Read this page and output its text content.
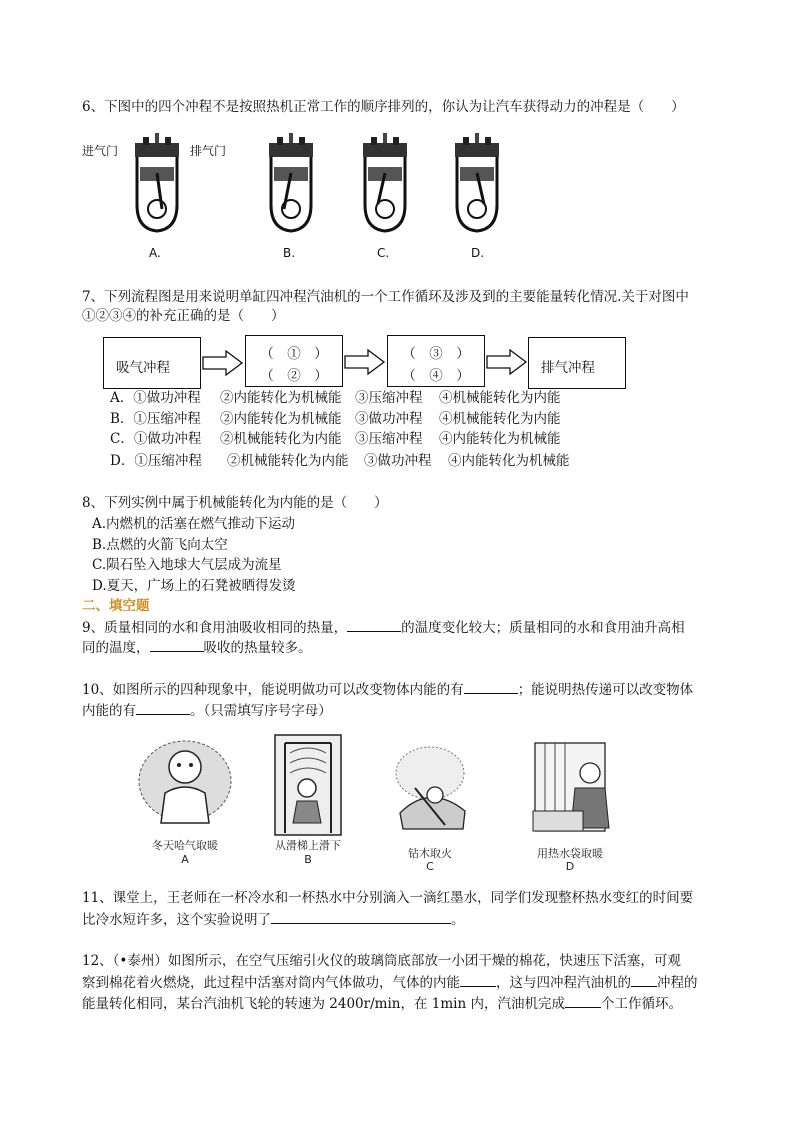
6、下图中的四个冲程不是按照热机正常工作的顺序排列的，你认为让汽车获得动力的冲程是（　　）
进气门	排气门
A.	B.	C.	D.
7、下列流程图是用来说明单缸四冲程汽油机的一个工作循环及涉及到的主要能量转化情况.关于对图中
①②③④的补充正确的是（　　）
吸气冲程
（　①　）
（　②　）
（　③　）
（　④　）	排气冲程
A．①做功冲程 ②内能转化为机械能 ③压缩冲程 ④机械能转化为内能
B．①压缩冲程 ②内能转化为机械能 ③做功冲程 ④机械能转化为内能
C．①做功冲程 ②机械能转化为内能 ③压缩冲程 ④内能转化为机械能
D．①压缩冲程 ②机械能转化为内能 ③做功冲程 ④内能转化为机械能
8、下列实例中属于机械能转化为内能的是（　　）
A.内燃机的活塞在燃气推动下运动
B.点燃的火箭飞向太空
C.陨石坠入地球大气层成为流星
D.夏天，广场上的石凳被晒得发烫
二、填空题
9、质量相同的水和食用油吸收相同的热量，	的温度变化较大；质量相同的水和食用油升高相
同的温度，	吸收的热量较多。
10、如图所示的四种现象中，能说明做功可以改变物体内能的有	；能说明热传递可以改变物体
内能的有	。（只需填写序号字母）
冬天哈气取暖
A
从滑梯上滑下
B	钻木取火
C
用热水袋取暖
D
11、课堂上，王老师在一杯冷水和一杯热水中分别滴入一滴红墨水，同学们发现整杯热水变红的时间要
比冷水短许多，这个实验说明了	。
12、（•泰州）如图所示，在空气压缩引火仪的玻璃筒底部放一小团干燥的棉花，快速压下活塞，可观
察到棉花着火燃烧，此过程中活塞对筒内气体做功，气体的内能	，这与四冲程汽油机的 冲程的
能量转化相同，某台汽油机飞轮的转速为 2400r/min，在 1min 内，汽油机完成	个工作循环。
